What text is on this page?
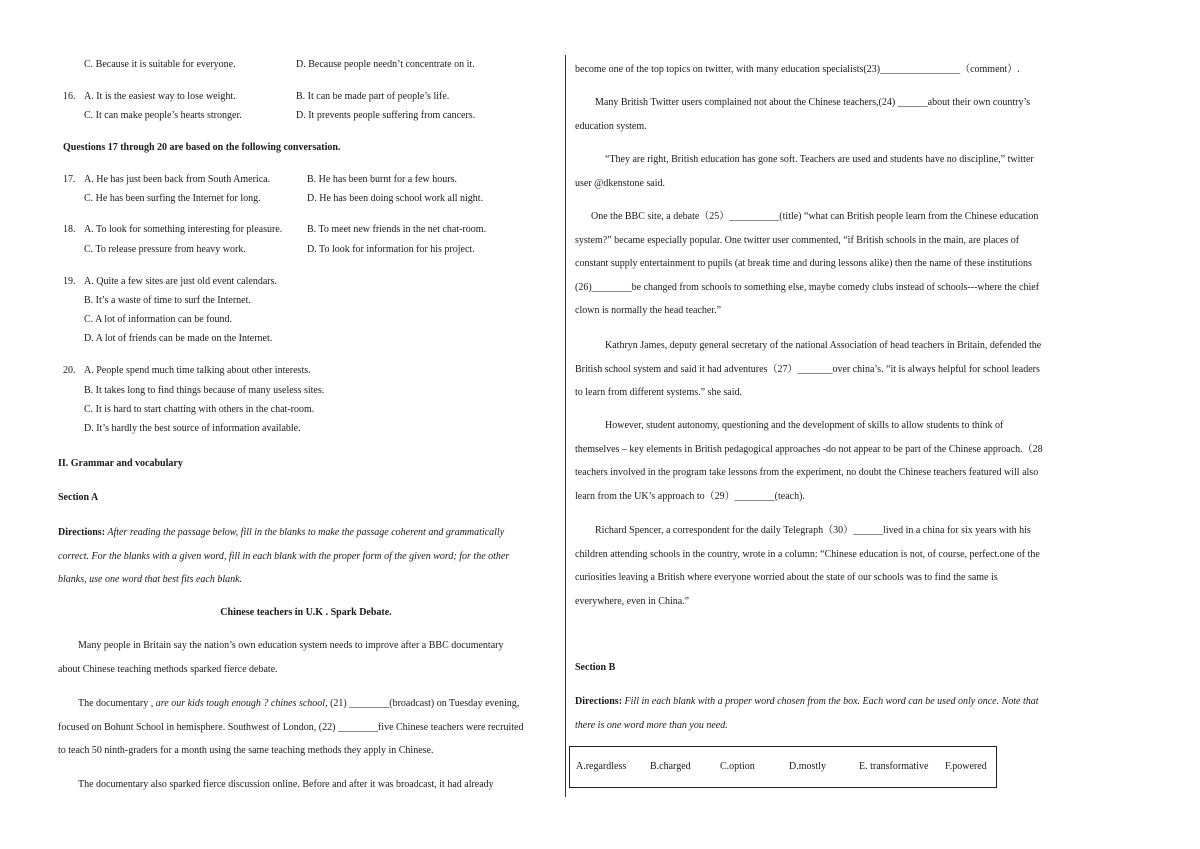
C. Because it is suitable for everyone.	D. Because people needn’t concentrate on it.
16. A. It is the easiest way to lose weight.	B. It can be made part of people’s life.
C. It can make people’s hearts stronger.	D. It prevents people suffering from cancers.
Questions 17 through 20 are based on the following conversation.
17. A. He has just been back from South America.	B. He has been burnt for a few hours.
C. He has been surfing the Internet for long.	D. He has been doing school work all night.
18. A. To look for something interesting for pleasure. B. To meet new friends in the net chat-room.
C. To release pressure from heavy work.	D. To look for information for his project.
19. A. Quite a few sites are just old event calendars.
B. It’s a waste of time to surf the Internet.
C. A lot of information can be found.
D. A lot of friends can be made on the Internet.
20. A. People spend much time talking about other interests.
B. It takes long to find things because of many useless sites.
C. It is hard to start chatting with others in the chat-room.
D. It’s hardly the best source of information available.
II. Grammar and vocabulary
Section A
Directions: After reading the passage below, fill in the blanks to make the passage coherent and grammatically
correct. For the blanks with a given word, fill in each blank with the proper form of the given word; for the other
blanks, use one word that best fits each blank.
Chinese teachers in U.K . Spark Debate.
Many people in Britain say the nation’s own education system needs to improve after a BBC documentary
about Chinese teaching methods sparked fierce debate.
The documentary , are our kids tough enough ? chines school, (21) ________(broadcast) on Tuesday evening,
focused on Bohunt School in hemisphere. Southwest of London, (22) ________five Chinese teachers were recruited
to teach 50 ninth-graders for a month using the same teaching methods they apply in Chinese.
The documentary also sparked fierce discussion online. Before and after it was broadcast, it had already
become one of the top topics on twitter, with many education specialists(23)________________（comment）.
Many British Twitter users complained not about the Chinese teachers,(24) ______about their own country’s
education system.
“They are right, British education has gone soft. Teachers are used and students have no discipline,” twitter
user @dkenstone said.
One the BBC site, a debate（25）__________(title) “what can British people learn from the Chinese education
system?” became especially popular. One twitter user commented, “if British schools in the main, are places of
constant supply entertainment to pupils (at break time and during lessons alike) then the name of these institutions
(26)________be changed from schools to something else, maybe comedy clubs instead of schools---where the chief
clown is normally the head teacher.”
Kathryn James, deputy general secretary of the national Association of head teachers in Britain, defended the
British school system and said it had adventures（27）_______over china’s. “it is always helpful for school leaders
to learn from different systems.” she said.
However, student autonomy, questioning and the development of skills to allow students to think of
themselves – key elements in British pedagogical approaches -do not appear to be part of the Chinese approach.（28
teachers involved in the program take lessons from the experiment, no doubt the Chinese teachers featured will also
learn from the UK’s approach to（29）________(teach).
Richard Spencer, a correspondent for the daily Telegraph（30）______lived in a china for six years with his
children attending schools in the country, wrote in a column: “Chinese education is not, of course, perfect.one of the
curiosities leaving a British where everyone worried about the state of our schools was to find the same is
everywhere, even in China.”
Section B
Directions: Fill in each blank with a proper word chosen from the box. Each word can be used only once. Note that
there is one word more than you need.
A.regardless B.charged	C.option	D.mostly	E. transformative F.powered
